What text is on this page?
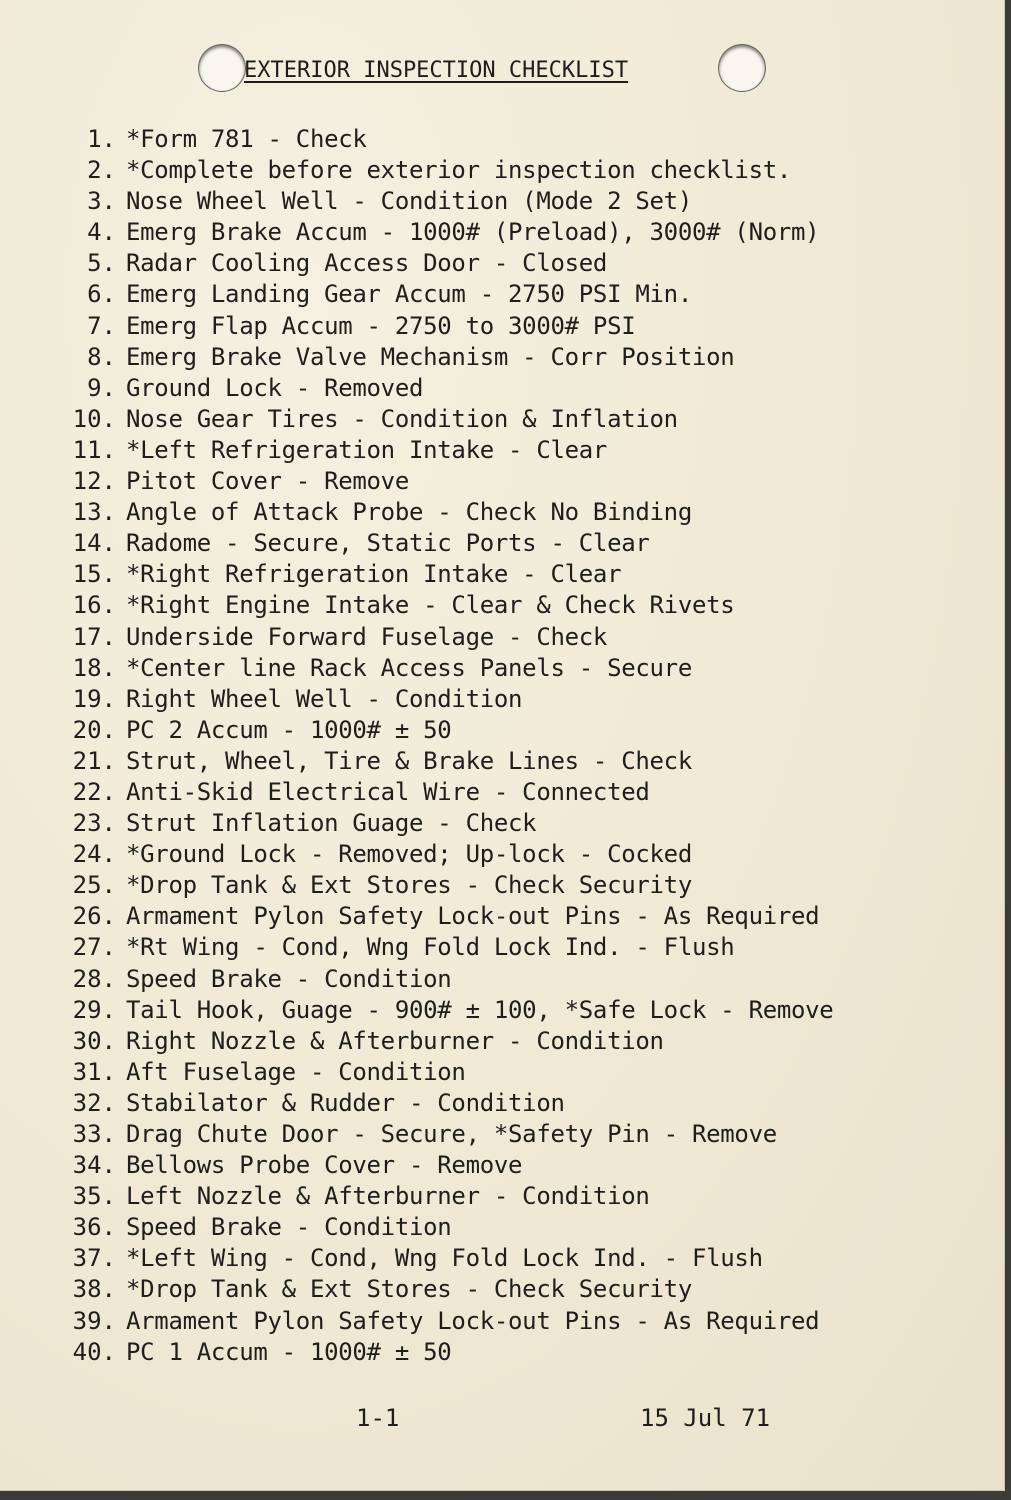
EXTERIOR INSPECTION CHECKLIST
1. *Form 781 - Check
2. *Complete before exterior inspection checklist.
3. Nose Wheel Well - Condition (Mode 2 Set)
4. Emerg Brake Accum - 1000# (Preload), 3000# (Norm)
5. Radar Cooling Access Door - Closed
6. Emerg Landing Gear Accum - 2750 PSI Min.
7. Emerg Flap Accum - 2750 to 3000# PSI
8. Emerg Brake Valve Mechanism - Corr Position
9. Ground Lock - Removed
10. Nose Gear Tires - Condition & Inflation
11. *Left Refrigeration Intake - Clear
12. Pitot Cover - Remove
13. Angle of Attack Probe - Check No Binding
14. Radome - Secure, Static Ports - Clear
15. *Right Refrigeration Intake - Clear
16. *Right Engine Intake - Clear & Check Rivets
17. Underside Forward Fuselage - Check
18. *Center line Rack Access Panels - Secure
19. Right Wheel Well - Condition
20. PC 2 Accum - 1000# ± 50
21. Strut, Wheel, Tire & Brake Lines - Check
22. Anti-Skid Electrical Wire - Connected
23. Strut Inflation Guage - Check
24. *Ground Lock - Removed; Up-lock - Cocked
25. *Drop Tank & Ext Stores - Check Security
26. Armament Pylon Safety Lock-out Pins - As Required
27. *Rt Wing - Cond, Wng Fold Lock Ind. - Flush
28. Speed Brake - Condition
29. Tail Hook, Guage - 900# ± 100, *Safe Lock - Remove
30. Right Nozzle & Afterburner - Condition
31. Aft Fuselage - Condition
32. Stabilator & Rudder - Condition
33. Drag Chute Door - Secure, *Safety Pin - Remove
34. Bellows Probe Cover - Remove
35. Left Nozzle & Afterburner - Condition
36. Speed Brake - Condition
37. *Left Wing - Cond, Wng Fold Lock Ind. - Flush
38. *Drop Tank & Ext Stores - Check Security
39. Armament Pylon Safety Lock-out Pins - As Required
40. PC 1 Accum - 1000# ± 50
1-1	15 Jul 71
